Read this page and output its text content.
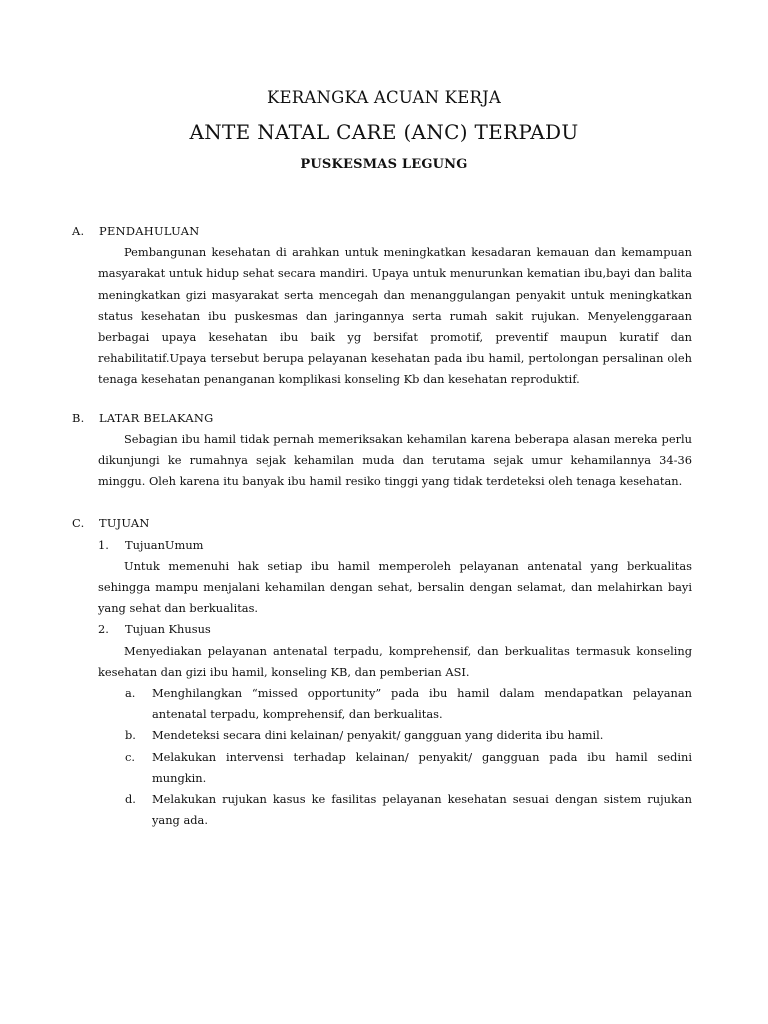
KERANGKA ACUAN KERJA
ANTE NATAL CARE (ANC) TERPADU
PUSKESMAS LEGUNG
A.	PENDAHULUAN
Pembangunan kesehatan di arahkan untuk meningkatkan kesadaran kemauan dan kemampuan masyarakat untuk hidup sehat secara mandiri. Upaya untuk menurunkan kematian ibu,bayi dan balita meningkatkan gizi masyarakat serta mencegah dan menanggulangan penyakit untuk meningkatkan status kesehatan ibu puskesmas dan jaringannya serta rumah sakit rujukan. Menyelenggaraan berbagai upaya kesehatan ibu baik yg bersifat promotif, preventif maupun kuratif dan rehabilitatif.Upaya tersebut berupa pelayanan kesehatan pada ibu hamil, pertolongan persalinan oleh tenaga kesehatan penanganan komplikasi konseling Kb dan kesehatan reproduktif.
B.	LATAR BELAKANG
Sebagian ibu hamil tidak pernah memeriksakan kehamilan karena beberapa alasan mereka perlu dikunjungi ke rumahnya sejak kehamilan muda dan terutama sejak umur kehamilannya 34-36 minggu. Oleh karena itu banyak ibu hamil resiko tinggi yang tidak terdeteksi oleh tenaga kesehatan.
C.	TUJUAN
1.	TujuanUmum
Untuk memenuhi hak setiap ibu hamil memperoleh pelayanan antenatal yang berkualitas sehingga mampu menjalani kehamilan dengan sehat, bersalin dengan selamat, dan melahirkan bayi yang sehat dan berkualitas.
2.	Tujuan Khusus
Menyediakan pelayanan antenatal terpadu, komprehensif, dan berkualitas termasuk konseling kesehatan dan gizi ibu hamil, konseling KB, dan pemberian ASI.
a.	Menghilangkan “missed opportunity” pada ibu hamil dalam mendapatkan pelayanan antenatal terpadu, komprehensif, dan berkualitas.
b.	Mendeteksi secara dini kelainan/ penyakit/ gangguan yang diderita ibu hamil.
c.	Melakukan intervensi terhadap kelainan/ penyakit/ gangguan pada ibu hamil sedini mungkin.
d.	Melakukan rujukan kasus ke fasilitas pelayanan kesehatan sesuai dengan sistem rujukan yang ada.
